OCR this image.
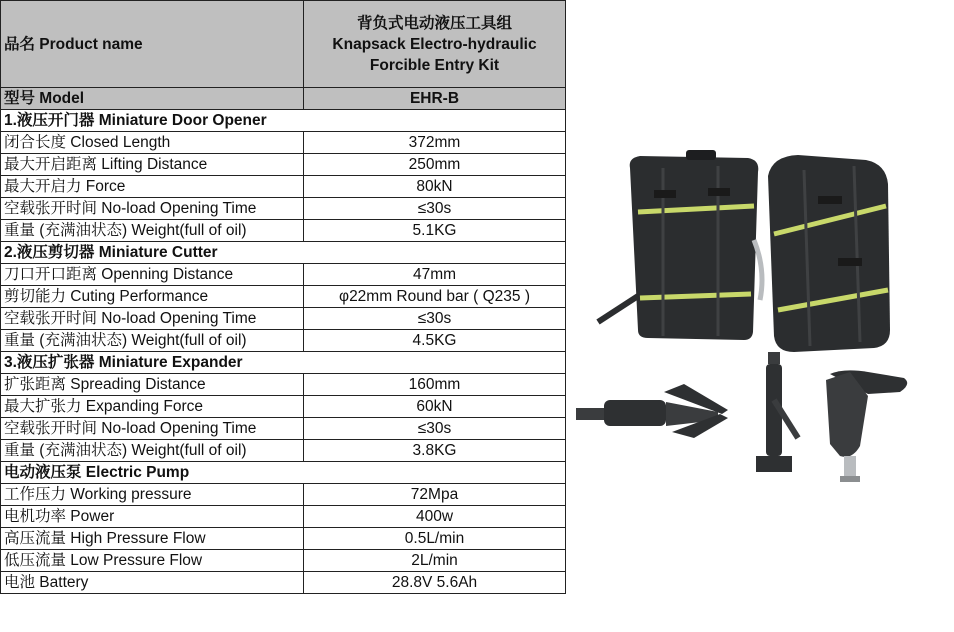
品名 Product name	背负式电动液压工具组
Knapsack Electro-hydraulic
Forcible Entry Kit

型号 Model	EHR-B
1.液压开门器 Miniature Door Opener	
闭合长度 Closed Length	372mm
最大开启距离 Lifting Distance	250mm
最大开启力 Force	80kN
空载张开时间 No-load Opening Time	≤30s
重量 (充满油状态) Weight(full of oil)	5.1KG
2.液压剪切器 Miniature Cutter	
刀口开口距离 Openning Distance	47mm
剪切能力 Cuting Performance	φ22mm Round bar ( Q235 )
空载张开时间 No-load Opening Time	≤30s
重量 (充满油状态) Weight(full of oil)	4.5KG
3.液压扩张器 Miniature Expander	
扩张距离 Spreading Distance	160mm
最大扩张力 Expanding Force	60kN
空载张开时间 No-load Opening Time	≤30s
重量 (充满油状态) Weight(full of oil)	3.8KG
电动液压泵 Electric Pump	
工作压力 Working pressure	72Mpa
电机功率 Power	400w
高压流量 High Pressure Flow	0.5L/min
低压流量 Low Pressure Flow	2L/min
电池 Battery	28.8V 5.6Ah
